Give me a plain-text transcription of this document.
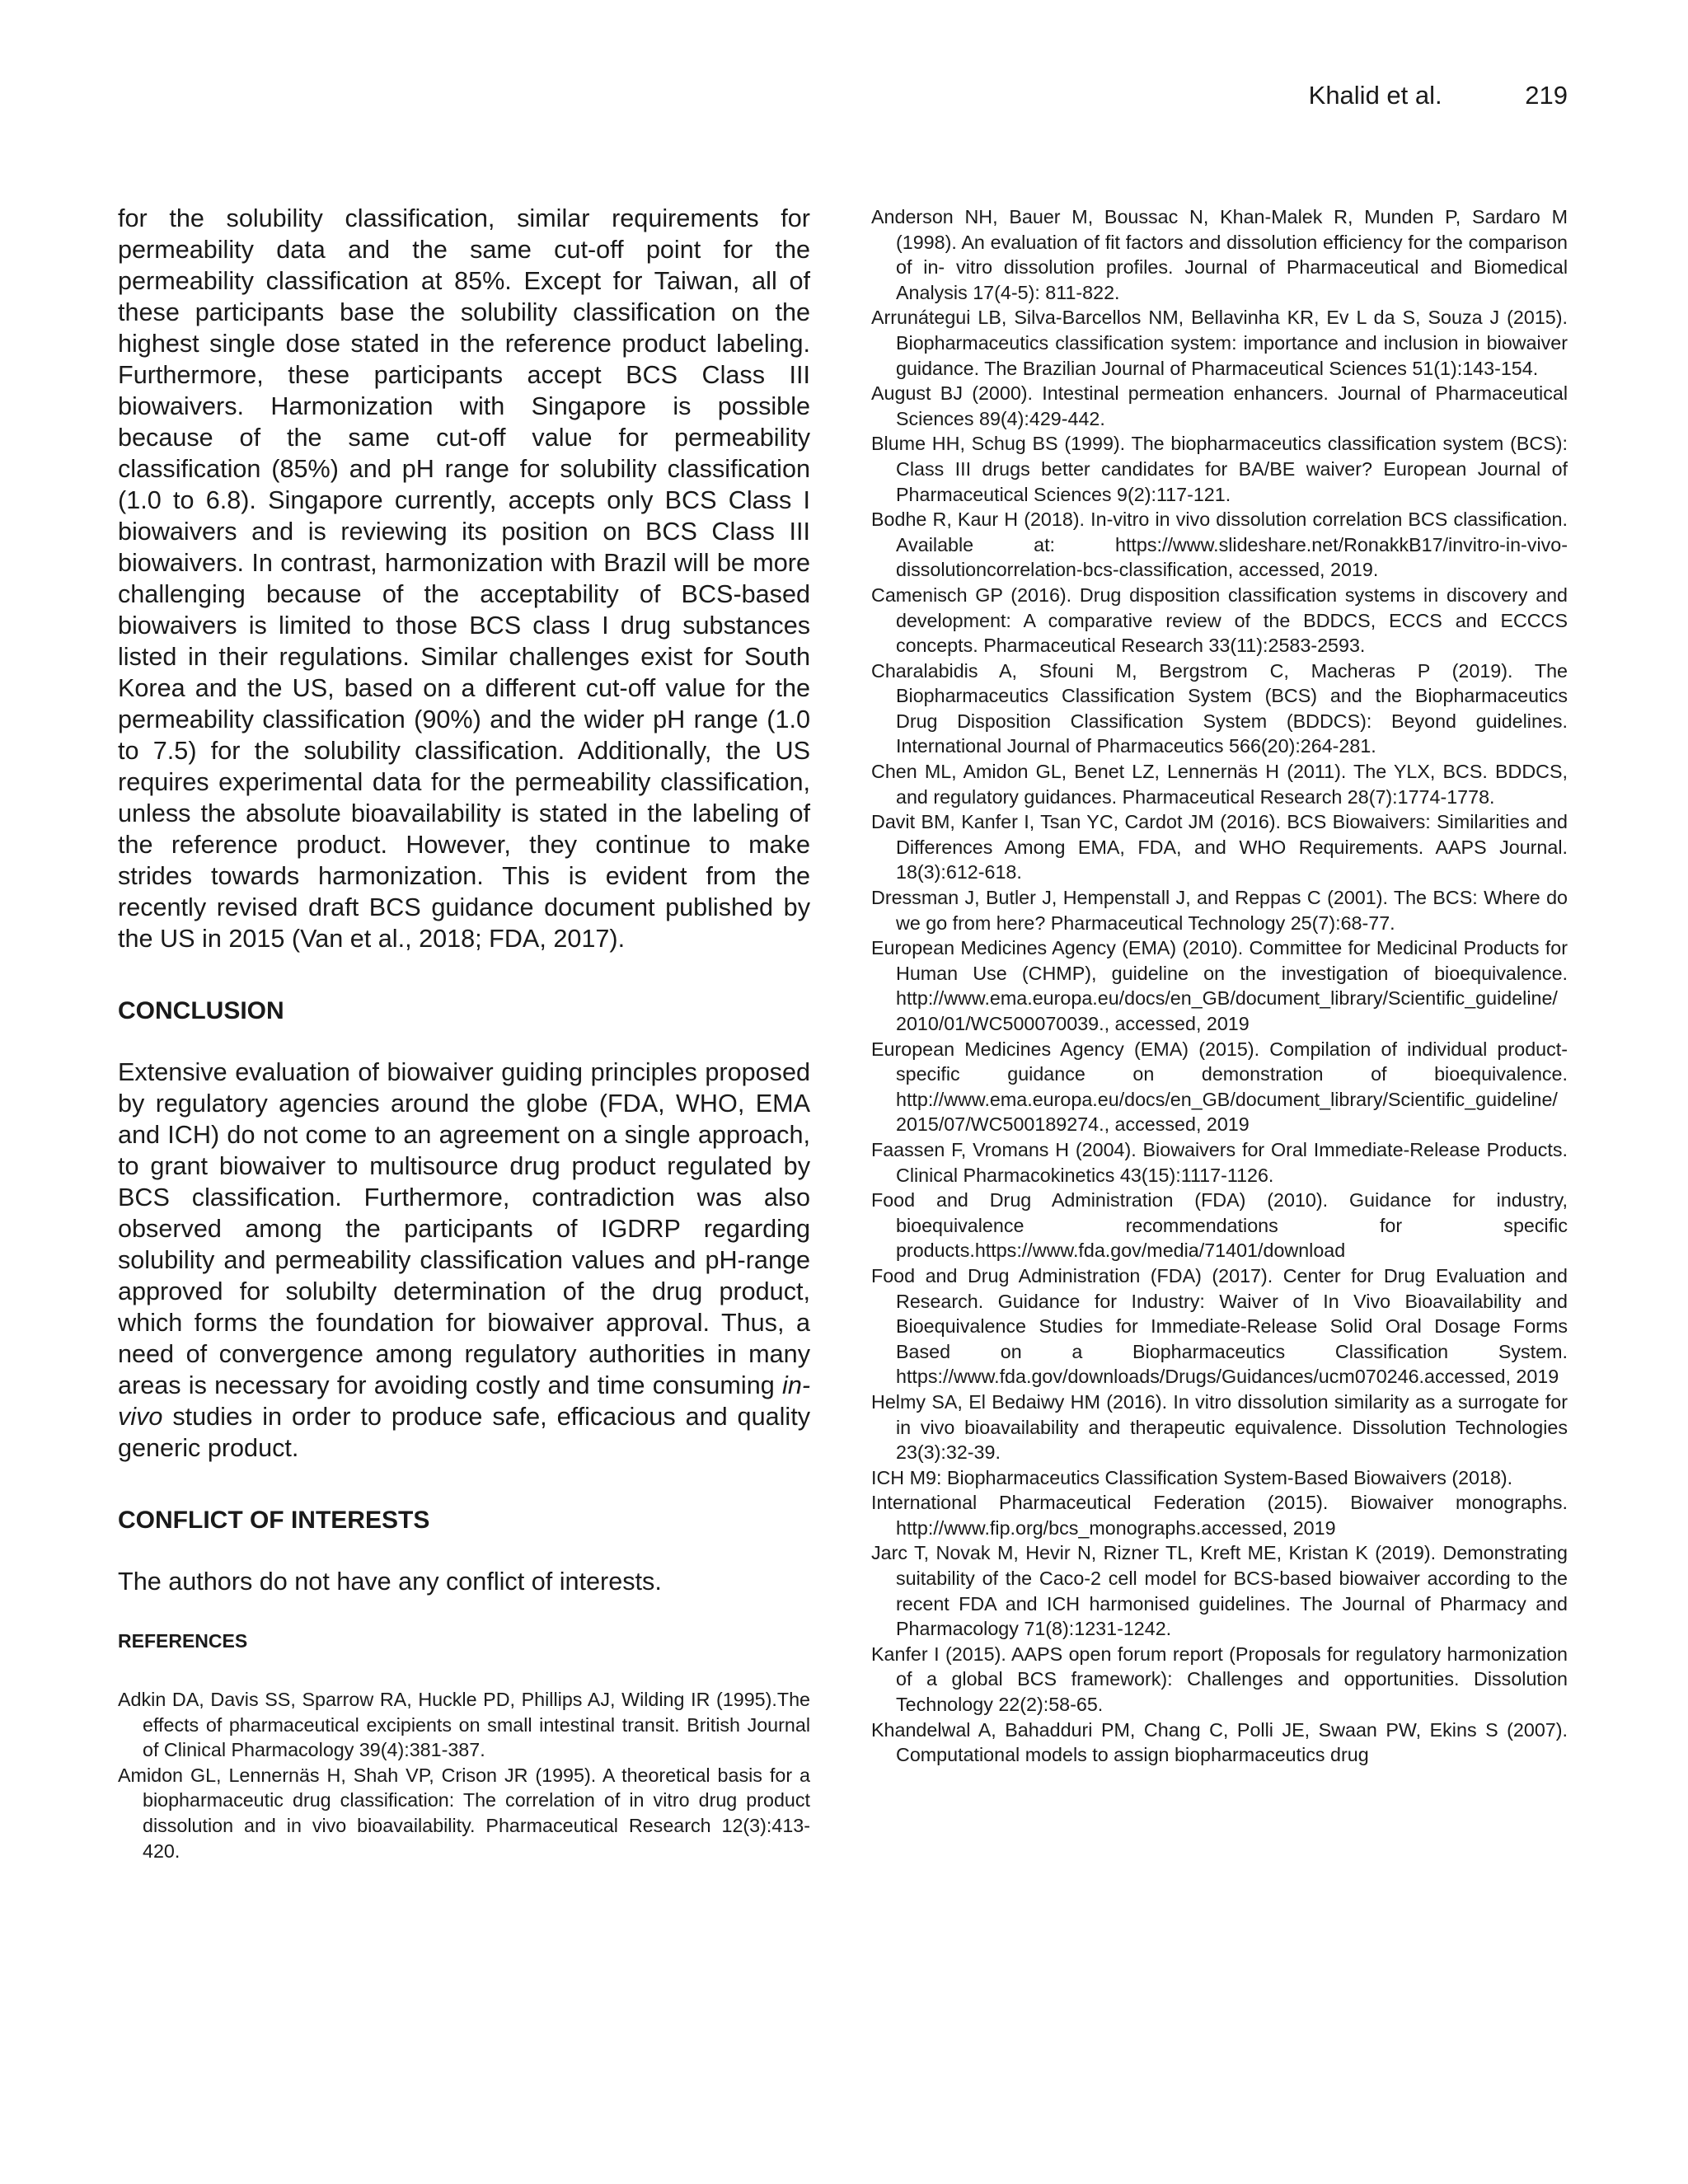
Khalid et al.	219

for the solubility classification, similar requirements for permeability data and the same cut-off point for the permeability classification at 85%. Except for Taiwan, all of these participants base the solubility classification on the highest single dose stated in the reference product labeling. Furthermore, these participants accept BCS Class III biowaivers. Harmonization with Singapore is possible because of the same cut-off value for permeability classification (85%) and pH range for solubility classification (1.0 to 6.8). Singapore currently, accepts only BCS Class I biowaivers and is reviewing its position on BCS Class III biowaivers. In contrast, harmonization with Brazil will be more challenging because of the acceptability of BCS-based biowaivers is limited to those BCS class I drug substances listed in their regulations. Similar challenges exist for South Korea and the US, based on a different cut-off value for the permeability classification (90%) and the wider pH range (1.0 to 7.5) for the solubility classification. Additionally, the US requires experimental data for the permeability classification, unless the absolute bioavailability is stated in the labeling of the reference product. However, they continue to make strides towards harmonization. This is evident from the recently revised draft BCS guidance document published by the US in 2015 (Van et al., 2018; FDA, 2017).

CONCLUSION

Extensive evaluation of biowaiver guiding principles proposed by regulatory agencies around the globe (FDA, WHO, EMA and ICH) do not come to an agreement on a single approach, to grant biowaiver to multisource drug product regulated by BCS classification. Furthermore, contradiction was also observed among the participants of IGDRP regarding solubility and permeability classification values and pH-range approved for solubilty determination of the drug product, which forms the foundation for biowaiver approval. Thus, a need of convergence among regulatory authorities in many areas is necessary for avoiding costly and time consuming in-vivo studies in order to produce safe, efficacious and quality generic product.

CONFLICT OF INTERESTS

The authors do not have any conflict of interests.

REFERENCES

Adkin DA, Davis SS, Sparrow RA, Huckle PD, Phillips AJ, Wilding IR (1995).The effects of pharmaceutical excipients on small intestinal transit. British Journal of Clinical Pharmacology 39(4):381-387.

Amidon GL, Lennernäs H, Shah VP, Crison JR (1995). A theoretical basis for a biopharmaceutic drug classification: The correlation of in vitro drug product dissolution and in vivo bioavailability. Pharmaceutical Research 12(3):413-420.

Anderson NH, Bauer M, Boussac N, Khan-Malek R, Munden P, Sardaro M (1998). An evaluation of fit factors and dissolution efficiency for the comparison of in- vitro dissolution profiles. Journal of Pharmaceutical and Biomedical Analysis 17(4-5): 811-822.

Arrunátegui LB, Silva-Barcellos NM, Bellavinha KR, Ev L da S, Souza J (2015). Biopharmaceutics classification system: importance and inclusion in biowaiver guidance. The Brazilian Journal of Pharmaceutical Sciences 51(1):143-154.

August BJ (2000). Intestinal permeation enhancers. Journal of Pharmaceutical Sciences 89(4):429-442.

Blume HH, Schug BS (1999). The biopharmaceutics classification system (BCS): Class III drugs better candidates for BA/BE waiver? European Journal of Pharmaceutical Sciences 9(2):117-121.

Bodhe R, Kaur H (2018). In-vitro in vivo dissolution correlation BCS classification. Available at: https://www.slideshare.net/RonakkB17/invitro-in-vivo-dissolutioncorrelation-bcs-classification, accessed, 2019.

Camenisch GP (2016). Drug disposition classification systems in discovery and development: A comparative review of the BDDCS, ECCS and ECCCS concepts. Pharmaceutical Research 33(11):2583-2593.

Charalabidis A, Sfouni M, Bergstrom C, Macheras P (2019). The Biopharmaceutics Classification System (BCS) and the Biopharmaceutics Drug Disposition Classification System (BDDCS): Beyond guidelines. International Journal of Pharmaceutics 566(20):264-281.

Chen ML, Amidon GL, Benet LZ, Lennernäs H (2011). The YLX, BCS. BDDCS, and regulatory guidances. Pharmaceutical Research 28(7):1774-1778.

Davit BM, Kanfer I, Tsan YC, Cardot JM (2016). BCS Biowaivers: Similarities and Differences Among EMA, FDA, and WHO Requirements. AAPS Journal. 18(3):612-618.

Dressman J, Butler J, Hempenstall J, and Reppas C (2001). The BCS: Where do we go from here? Pharmaceutical Technology 25(7):68-77.

European Medicines Agency (EMA) (2010). Committee for Medicinal Products for Human Use (CHMP), guideline on the investigation of bioequivalence. http://www.ema.europa.eu/docs/en_GB/document_library/Scientific_guideline/2010/01/WC500070039., accessed, 2019

European Medicines Agency (EMA) (2015). Compilation of individual product-specific guidance on demonstration of bioequivalence. http://www.ema.europa.eu/docs/en_GB/document_library/Scientific_guideline/2015/07/WC500189274., accessed, 2019

Faassen F, Vromans H (2004). Biowaivers for Oral Immediate-Release Products. Clinical Pharmacokinetics 43(15):1117-1126.

Food and Drug Administration (FDA) (2010). Guidance for industry, bioequivalence recommendations for specific products.https://www.fda.gov/media/71401/download

Food and Drug Administration (FDA) (2017). Center for Drug Evaluation and Research. Guidance for Industry: Waiver of In Vivo Bioavailability and Bioequivalence Studies for Immediate-Release Solid Oral Dosage Forms Based on a Biopharmaceutics Classification System. https://www.fda.gov/downloads/Drugs/Guidances/ucm070246.accessed, 2019

Helmy SA, El Bedaiwy HM (2016). In vitro dissolution similarity as a surrogate for in vivo bioavailability and therapeutic equivalence. Dissolution Technologies 23(3):32-39.

ICH M9: Biopharmaceutics Classification System-Based Biowaivers (2018).

International Pharmaceutical Federation (2015). Biowaiver monographs. http://www.fip.org/bcs_monographs.accessed, 2019

Jarc T, Novak M, Hevir N, Rizner TL, Kreft ME, Kristan K (2019). Demonstrating suitability of the Caco-2 cell model for BCS-based biowaiver according to the recent FDA and ICH harmonised guidelines. The Journal of Pharmacy and Pharmacology 71(8):1231-1242.

Kanfer I (2015). AAPS open forum report (Proposals for regulatory harmonization of a global BCS framework): Challenges and opportunities. Dissolution Technology 22(2):58-65.

Khandelwal A, Bahadduri PM, Chang C, Polli JE, Swaan PW, Ekins S (2007). Computational models to assign biopharmaceutics drug
